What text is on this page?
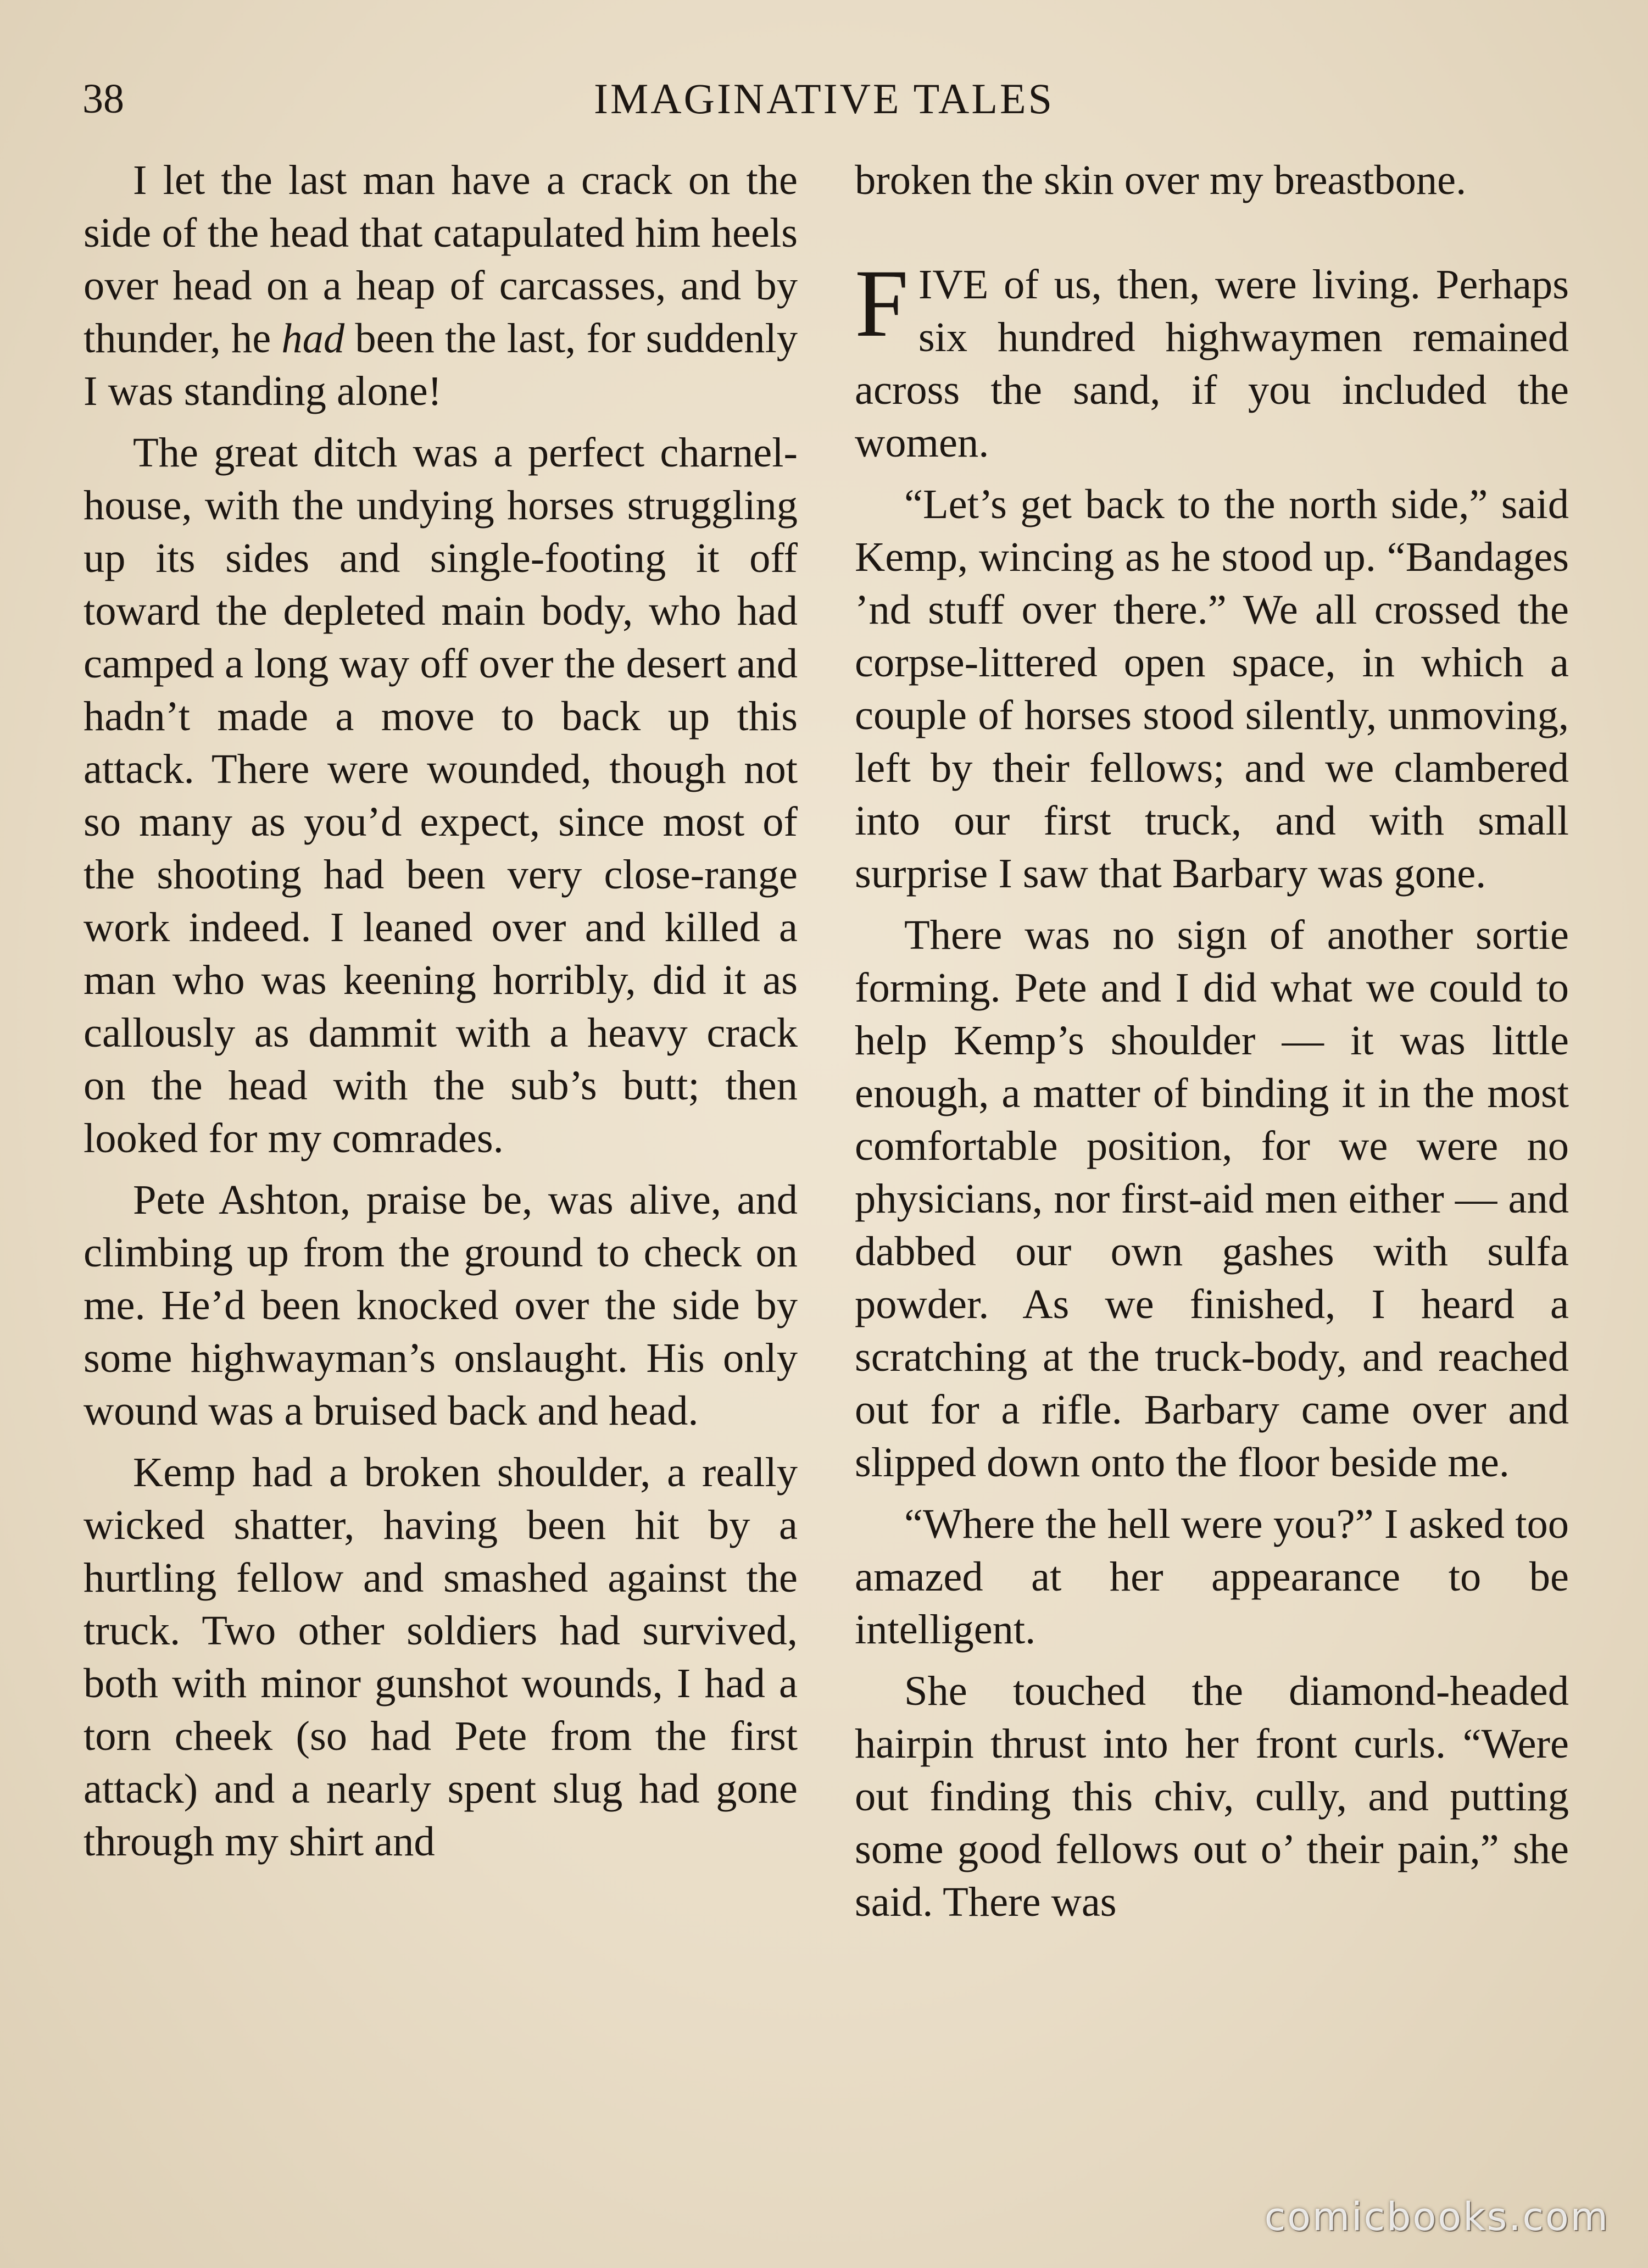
38	IMAGINATIVE TALES

I let the last man have a crack on the side of the head that catapulated him heels over head on a heap of carcasses, and by thunder, he had been the last, for suddenly I was standing alone!

The great ditch was a perfect charnel-house, with the undying horses struggling up its sides and single-footing it off toward the depleted main body, who had camped a long way off over the desert and hadn’t made a move to back up this attack. There were wounded, though not so many as you’d expect, since most of the shooting had been very close-range work indeed. I leaned over and killed a man who was keening horribly, did it as callously as dammit with a heavy crack on the head with the sub’s butt; then looked for my comrades.

Pete Ashton, praise be, was alive, and climbing up from the ground to check on me. He’d been knocked over the side by some highwayman’s onslaught. His only wound was a bruised back and head.

Kemp had a broken shoulder, a really wicked shatter, having been hit by a hurtling fellow and smashed against the truck. Two other soldiers had survived, both with minor gunshot wounds, I had a torn cheek (so had Pete from the first attack) and a nearly spent slug had gone through my shirt and

broken the skin over my breastbone.

FIVE of us, then, were living. Perhaps six hundred highwaymen remained across the sand, if you included the women.

“Let’s get back to the north side,” said Kemp, wincing as he stood up. “Bandages ’nd stuff over there.” We all crossed the corpse-littered open space, in which a couple of horses stood silently, unmoving, left by their fellows; and we clambered into our first truck, and with small surprise I saw that Barbary was gone.

There was no sign of another sortie forming. Pete and I did what we could to help Kemp’s shoulder — it was little enough, a matter of binding it in the most comfortable position, for we were no physicians, nor first-aid men either — and dabbed our own gashes with sulfa powder. As we finished, I heard a scratching at the truck-body, and reached out for a rifle. Barbary came over and slipped down onto the floor beside me.

“Where the hell were you?” I asked too amazed at her appearance to be intelligent.

She touched the diamond-headed hairpin thrust into her front curls. “Were out finding this chiv, cully, and putting some good fellows out o’ their pain,” she said. There was

comicbooks.com
